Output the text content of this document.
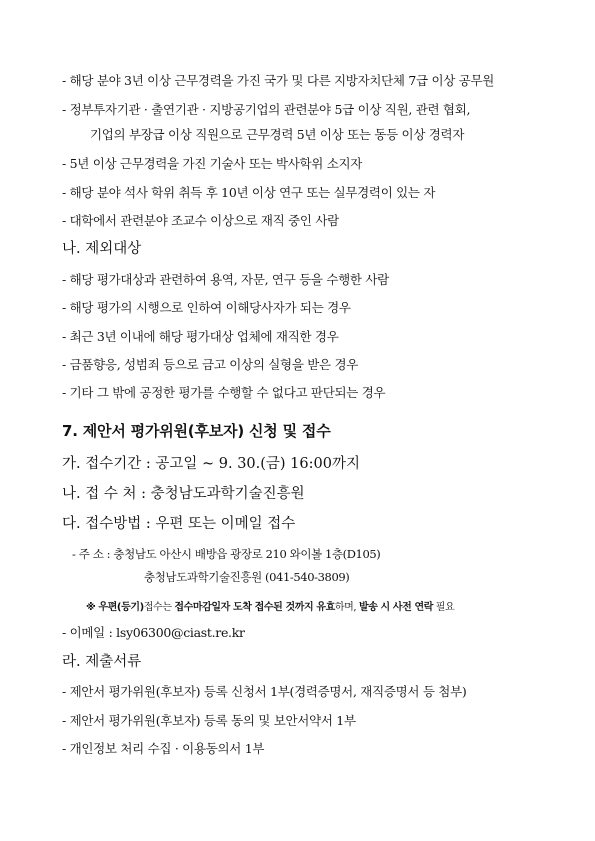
- 해당 분야 3년 이상 근무경력을 가진 국가 및 다른 지방자치단체 7급 이상 공무원
- 정부투자기관 · 출연기관 · 지방공기업의 관련분야 5급 이상 직원, 관련 협회,
기업의 부장급 이상 직원으로 근무경력 5년 이상 또는 동등 이상 경력자
- 5년 이상 근무경력을 가진 기술사 또는 박사학위 소지자
- 해당 분야 석사 학위 취득 후 10년 이상 연구 또는 실무경력이 있는 자
- 대학에서 관련분야 조교수 이상으로 재직 중인 사람
나. 제외대상
- 해당 평가대상과 관련하여 용역, 자문, 연구 등을 수행한 사람
- 해당 평가의 시행으로 인하여 이해당사자가 되는 경우
- 최근 3년 이내에 해당 평가대상 업체에 재직한 경우
- 금품향응, 성범죄 등으로 금고 이상의 실형을 받은 경우
- 기타 그 밖에 공정한 평가를 수행할 수 없다고 판단되는 경우
7. 제안서 평가위원(후보자) 신청 및 접수
가. 접수기간 : 공고일 ~ 9. 30.(금) 16:00까지
나. 접 수 처 : 충청남도과학기술진흥원
다. 접수방법 : 우편 또는 이메일 접수
- 주 소 : 충청남도 아산시 배방읍 광장로 210 와이볼 1층(D105)
충청남도과학기술진흥원 (041-540-3809)
※ 우편(등기)접수는 접수마감일자 도착 접수된 것까지 유효하며, 발송 시 사전 연락 필요
- 이메일 : lsy06300@ciast.re.kr
라. 제출서류
- 제안서 평가위원(후보자) 등록 신청서 1부(경력증명서, 재직증명서 등 첨부)
- 제안서 평가위원(후보자) 등록 동의 및 보안서약서 1부
- 개인정보 처리 수집 · 이용동의서 1부
